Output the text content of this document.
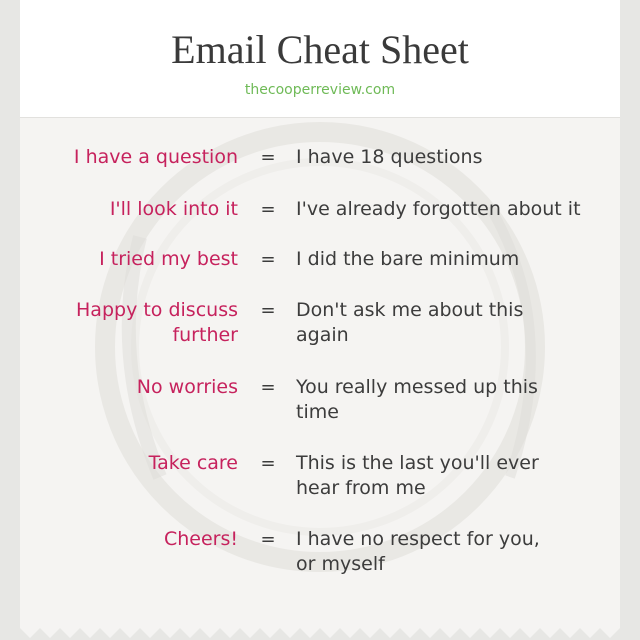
Email Cheat Sheet
thecooperreview.com
I have a question = I have 18 questions
I'll look into it = I've already forgotten about it
I tried my best = I did the bare minimum
Happy to discuss
further
= Don't ask me about this
again
No worries = You really messed up this
time
Take care = This is the last you'll ever
hear from me
Cheers! = I have no respect for you,
or myself
